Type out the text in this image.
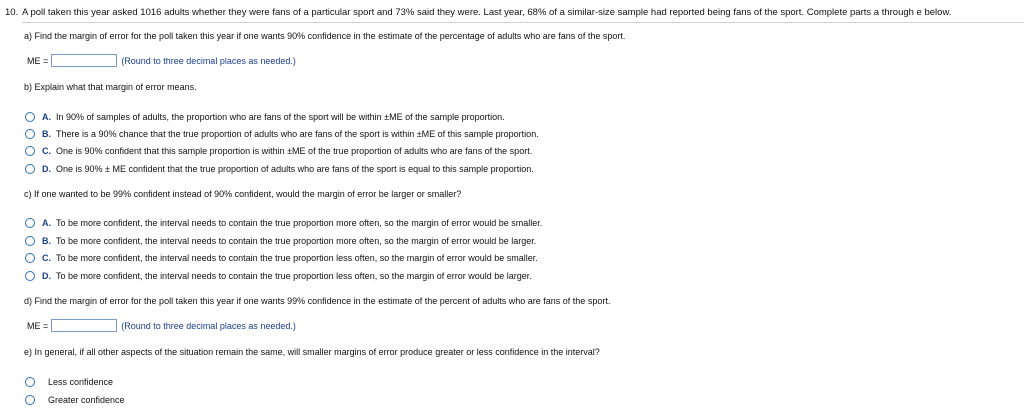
10. A poll taken this year asked 1016 adults whether they were fans of a particular sport and 73% said they were. Last year, 68% of a similar-size sample had reported being fans of the sport. Complete parts a through e below.
a) Find the margin of error for the poll taken this year if one wants 90% confidence in the estimate of the percentage of adults who are fans of the sport.
ME =	(Round to three decimal places as needed.)
b) Explain what that margin of error means.
A. In 90% of samples of adults, the proportion who are fans of the sport will be within ±ME of the sample proportion.
B. There is a 90% chance that the true proportion of adults who are fans of the sport is within ±ME of this sample proportion.
C. One is 90% confident that this sample proportion is within ±ME of the true proportion of adults who are fans of the sport.
D. One is 90% ± ME confident that the true proportion of adults who are fans of the sport is equal to this sample proportion.
c) If one wanted to be 99% confident instead of 90% confident, would the margin of error be larger or smaller?
A. To be more confident, the interval needs to contain the true proportion more often, so the margin of error would be smaller.
B. To be more confident, the interval needs to contain the true proportion more often, so the margin of error would be larger.
C. To be more confident, the interval needs to contain the true proportion less often, so the margin of error would be smaller.
D. To be more confident, the interval needs to contain the true proportion less often, so the margin of error would be larger.
d) Find the margin of error for the poll taken this year if one wants 99% confidence in the estimate of the percent of adults who are fans of the sport.
ME =	(Round to three decimal places as needed.)
e) In general, if all other aspects of the situation remain the same, will smaller margins of error produce greater or less confidence in the interval?
Less confidence
Greater confidence
